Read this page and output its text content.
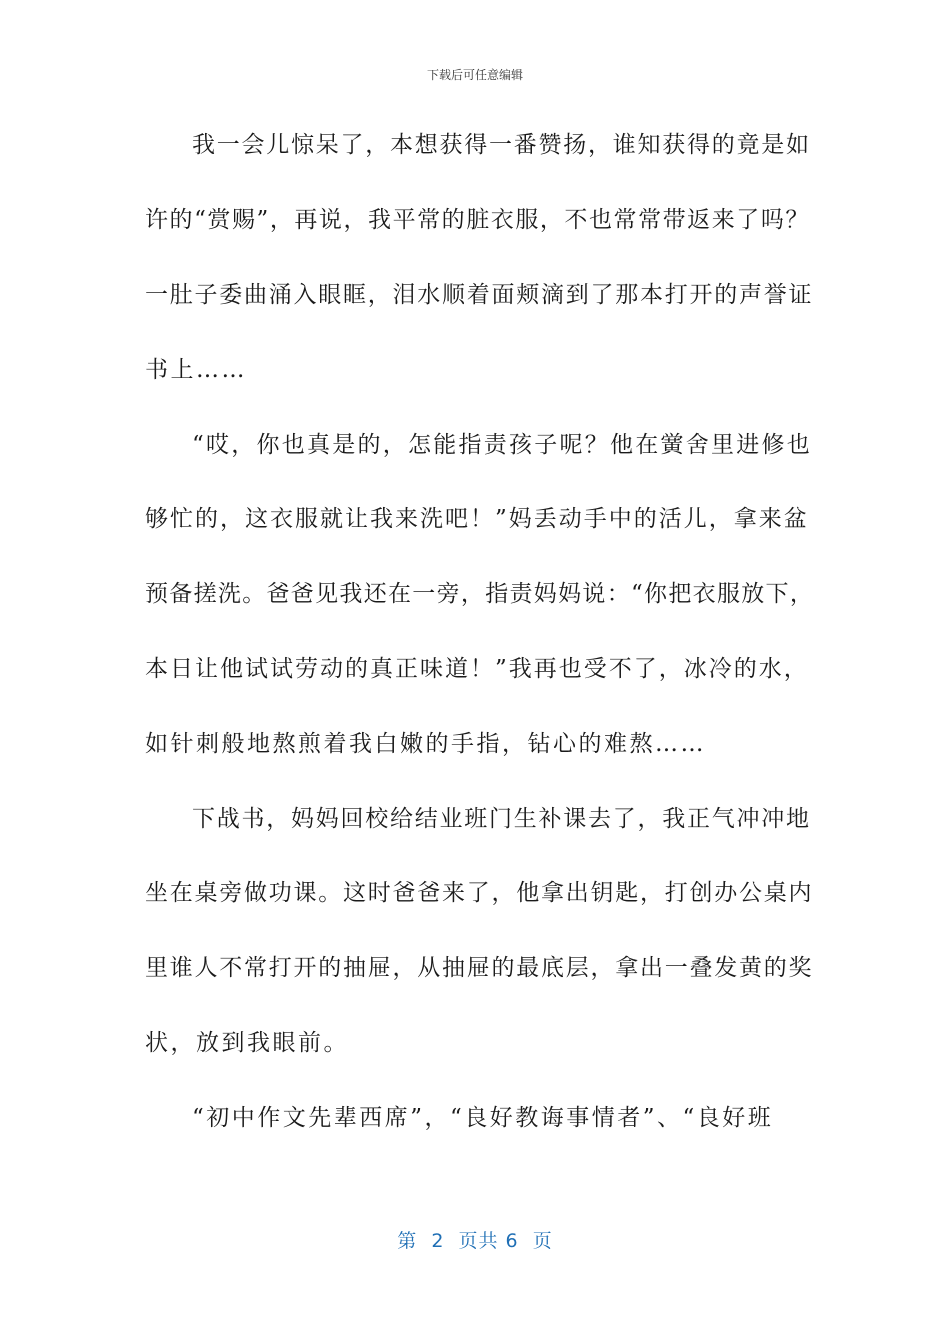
下载后可任意编辑
我一会儿惊呆了，本想获得一番赞扬，谁知获得的竟是如
许的“赏赐”，再说，我平常的脏衣服，不也常常带返来了吗？
一肚子委曲涌入眼眶，泪水顺着面颊滴到了那本打开的声誉证
书上……
“哎，你也真是的，怎能指责孩子呢？他在黉舍里进修也
够忙的，这衣服就让我来洗吧！”妈丢动手中的活儿，拿来盆
预备搓洗。爸爸见我还在一旁，指责妈妈说：“你把衣服放下，
本日让他试试劳动的真正味道！”我再也受不了，冰冷的水，
如针刺般地熬煎着我白嫩的手指，钻心的难熬……
下战书，妈妈回校给结业班门生补课去了，我正气冲冲地
坐在桌旁做功课。这时爸爸来了，他拿出钥匙，打创办公桌内
里谁人不常打开的抽屉，从抽屉的最底层，拿出一叠发黄的奖
状，放到我眼前。
“初中作文先辈西席”，“良好教诲事情者”、“良好班
第  2  页共 6  页
